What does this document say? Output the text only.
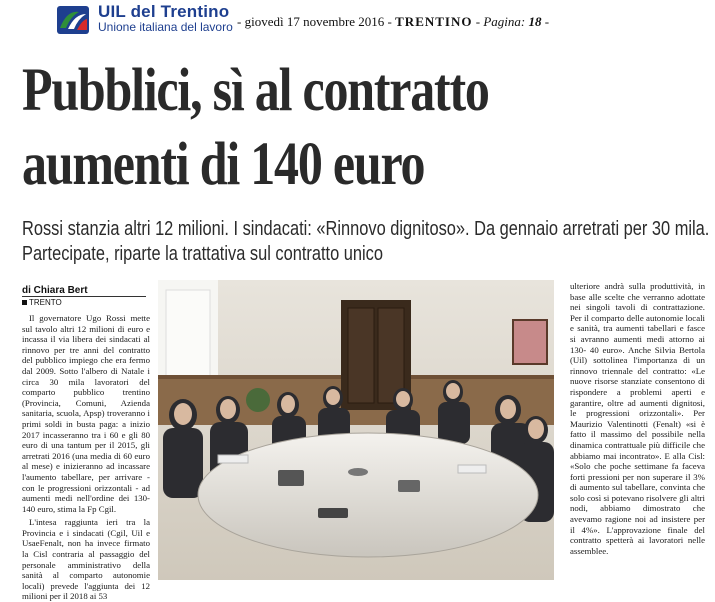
UIL del Trentino
Unione italiana del lavoro - giovedì 17 novembre 2016 - TRENTINO - Pagina: 18 -
Pubblici, sì al contratto
aumenti di 140 euro

Rossi stanzia altri 12 milioni. I sindacati: «Rinnovo dignitoso». Da gennaio arretrati per 30 mila. Partecipate, riparte la trattativa sul contratto unico

di Chiara Bert
TRENTO

Il governatore Ugo Rossi mette sul tavolo altri 12 milioni di euro e incassa il via libera dei sindacati al rinnovo per tre anni del contratto del pubblico impiego che era fermo dal 2009. Sotto l'albero di Natale i circa 30 mila lavoratori del comparto pubblico trentino (Provincia, Comuni, Azienda sanitaria, scuola, Apsp) troveranno i primi soldi in busta paga: a inizio 2017 incasseranno tra i 60 e gli 80 euro di una tantum per il 2015, gli arretrati 2016 (una media di 60 euro al mese) e inizieranno ad incassare l'aumento tabellare, per arrivare - con le progressioni orizzontali - ad aumenti medi nell'ordine dei 130-140 euro, stima la Fp Cgil.

L'intesa raggiunta ieri tra la Provincia e i sindacati (Cgil, Uil e UsaeFenalt, non ha invece firmato la Cisl contraria al passaggio del personale amministrativo della sanità al comparto autonomie locali) prevede l'aggiunta dei 12 milioni per il 2018 ai 53

ulteriore andrà sulla produttività, in base alle scelte che verranno adottate nei singoli tavoli di contrattazione. Per il comparto delle autonomie locali e sanità, tra aumenti tabellari e fasce si avranno aumenti medi attorno ai 130- 40 euro». Anche Silvia Bertola (Uil) sottolinea l'importanza di un rinnovo triennale del contratto: «Le nuove risorse stanziate consentono di rispondere a problemi aperti e garantire, oltre ad aumenti dignitosi, le progressioni orizzontali». Per Maurizio Valentinotti (Fenalt) «si è fatto il massimo del possibile nella dinamica contrattuale più difficile che abbiamo mai incontrato». E alla Cisl: «Solo che poche settimane fa faceva forti pressioni per non superare il 3% di aumento sul tabellare, convinta che solo così si potevano risolvere gli altri nodi, abbiamo dimostrato che avevamo ragione noi ad insistere per il 4%». L'approvazione finale del contratto spetterà ai lavoratori nelle assemblee.
